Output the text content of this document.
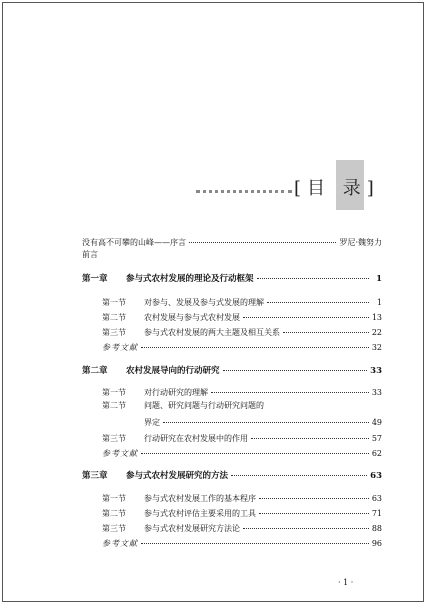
[目 录]
没有高不可攀的山峰——序言	罗尼·魏努力
前言
第一章	参与式农村发展的理论及行动框架	1
第一节	对参与、发展及参与式发展的理解	1
第二节	农村发展与参与式农村发展	13
第三节	参与式农村发展的两大主题及相互关系	22
参考文献	32
第二章	农村发展导向的行动研究	33
第一节	对行动研究的理解	33
第二节	问题、研究问题与行动研究问题的
界定	49
第三节	行动研究在农村发展中的作用	57
参考文献	62
第三章	参与式农村发展研究的方法	63
第一节	参与式农村发展工作的基本程序	63
第二节	参与式农村评估主要采用的工具	71
第三节	参与式农村发展研究方法论	88
参考文献	96
· 1 ·
